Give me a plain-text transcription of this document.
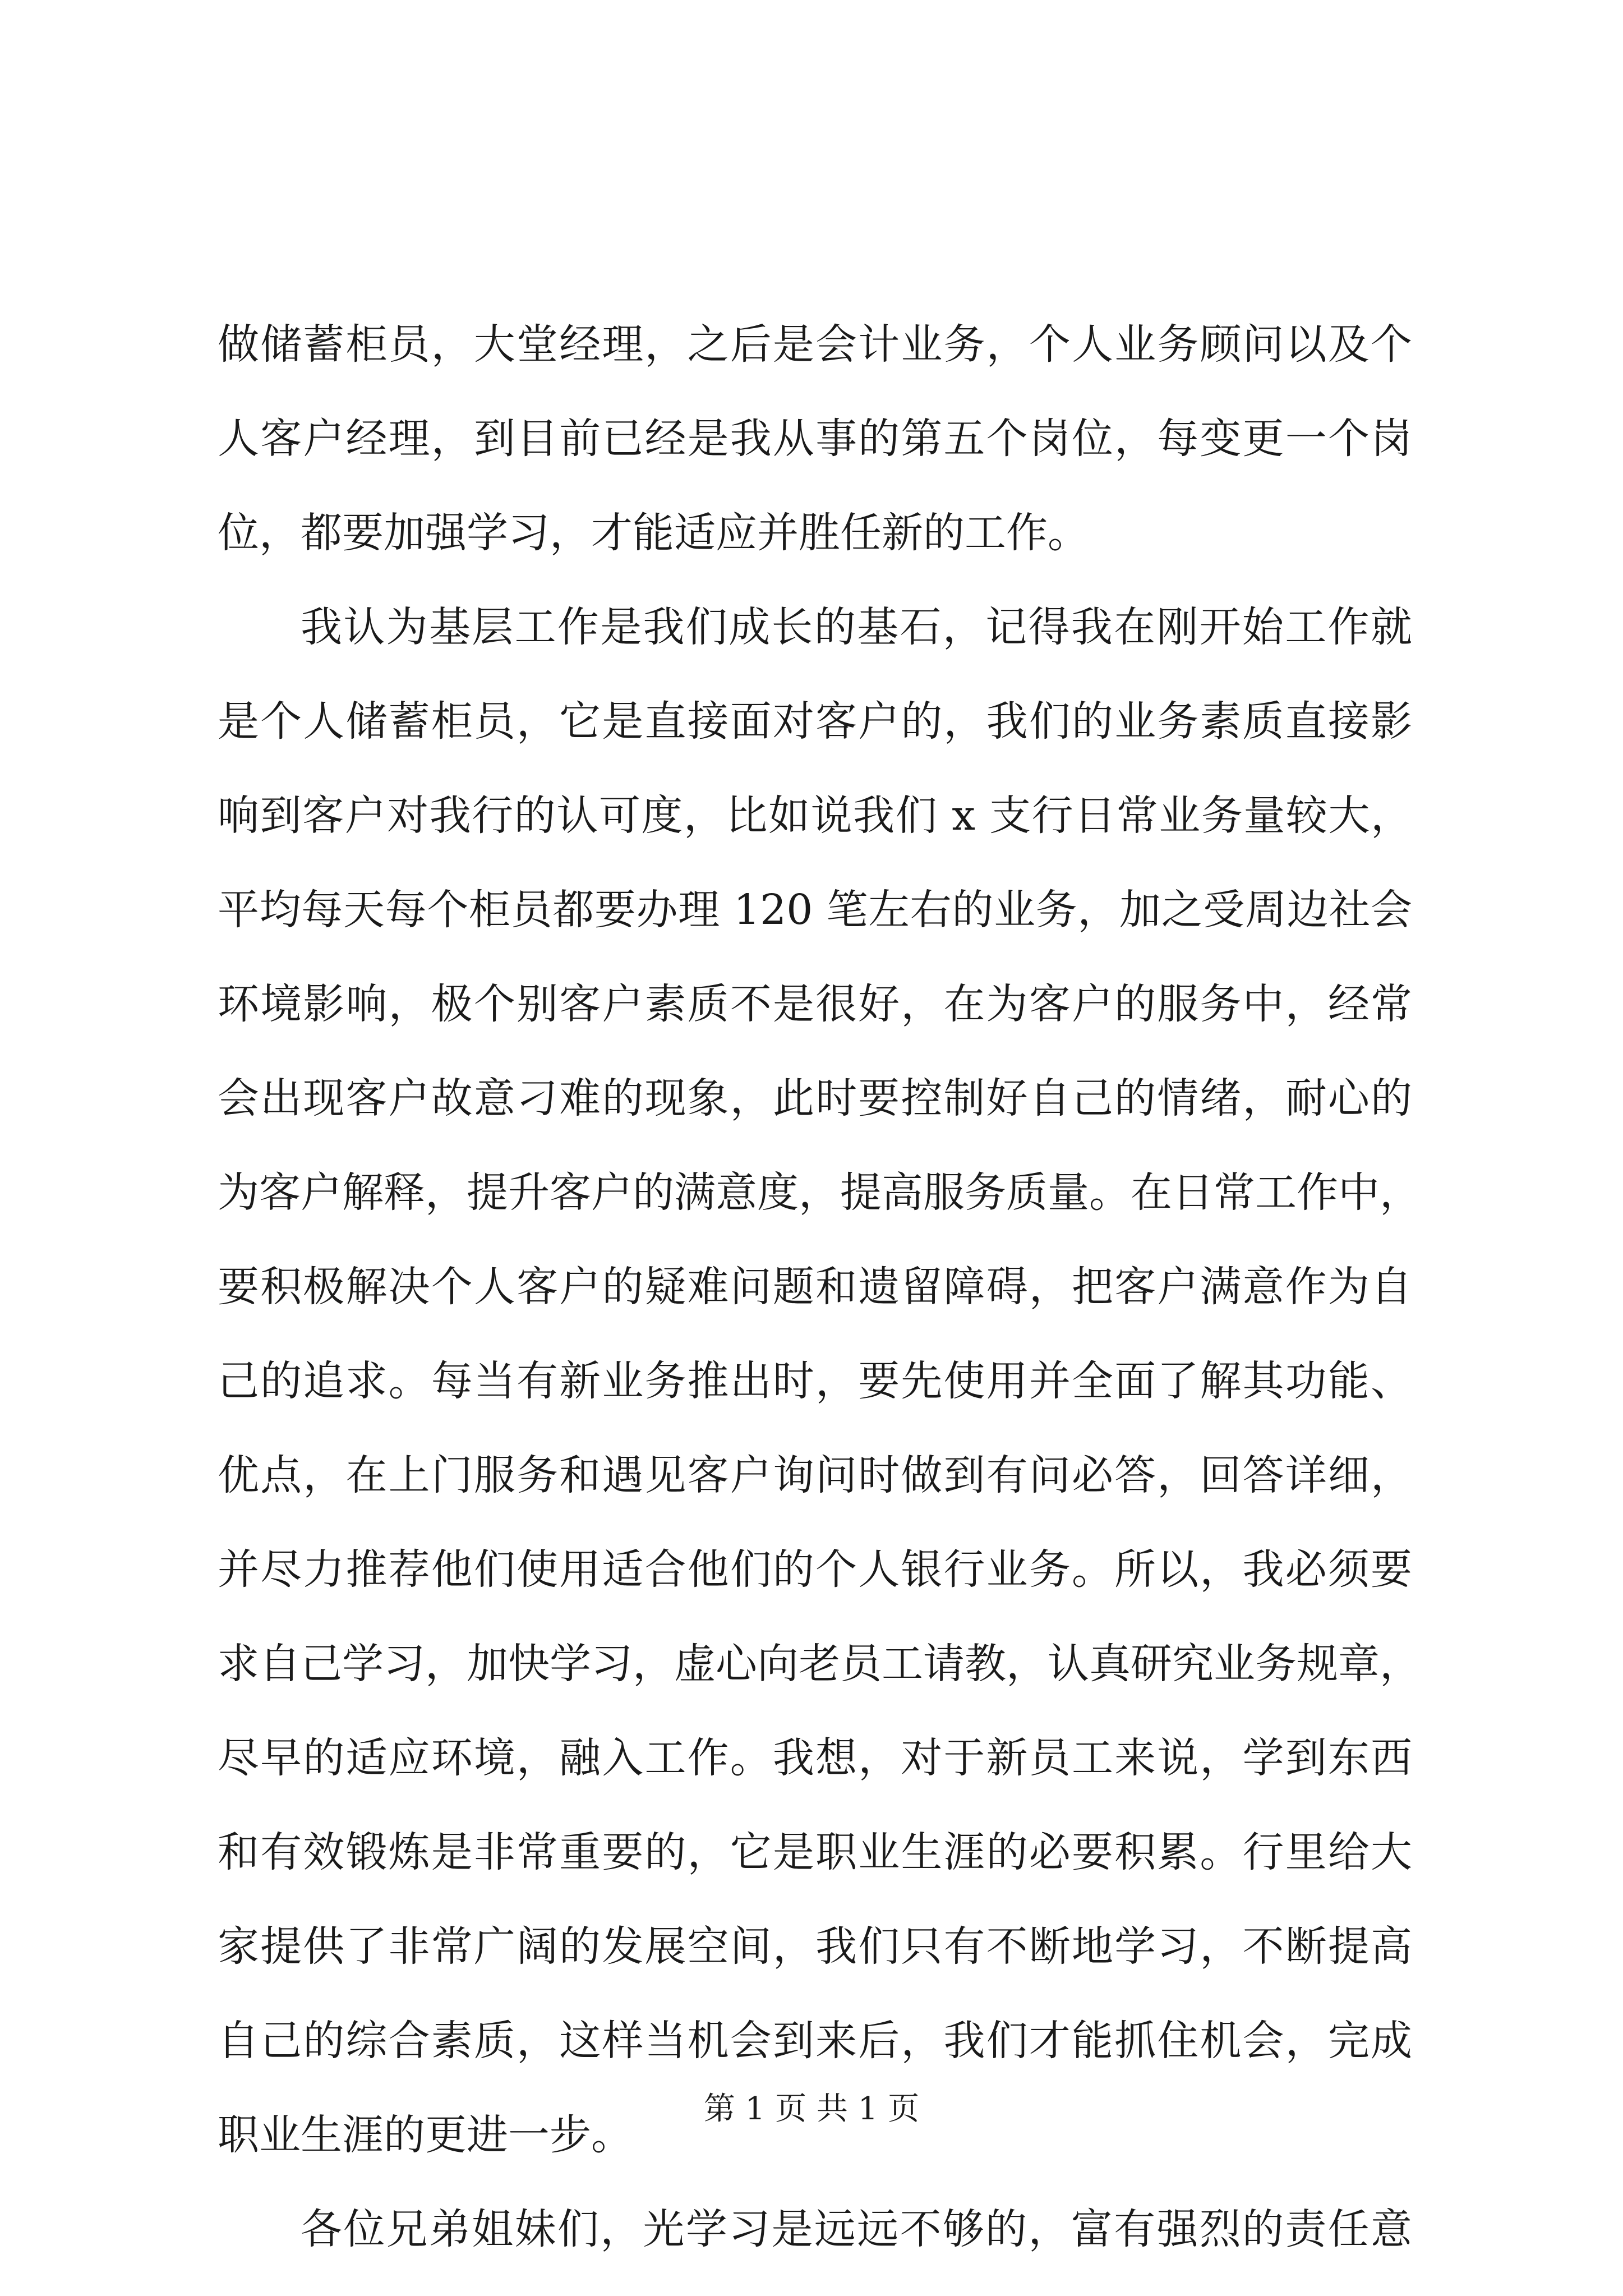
做储蓄柜员，大堂经理，之后是会计业务，个人业务顾问以及个
人客户经理，到目前已经是我从事的第五个岗位，每变更一个岗
位，都要加强学习，才能适应并胜任新的工作。
我认为基层工作是我们成长的基石，记得我在刚开始工作就
是个人储蓄柜员，它是直接面对客户的，我们的业务素质直接影
响到客户对我行的认可度，比如说我们 x 支行日常业务量较大，
平均每天每个柜员都要办理 120 笔左右的业务，加之受周边社会
环境影响，极个别客户素质不是很好，在为客户的服务中，经常
会出现客户故意刁难的现象，此时要控制好自己的情绪，耐心的
为客户解释，提升客户的满意度，提高服务质量。在日常工作中，
要积极解决个人客户的疑难问题和遗留障碍，把客户满意作为自
己的追求。每当有新业务推出时，要先使用并全面了解其功能、
优点，在上门服务和遇见客户询问时做到有问必答，回答详细，
并尽力推荐他们使用适合他们的个人银行业务。所以，我必须要
求自己学习，加快学习，虚心向老员工请教，认真研究业务规章，
尽早的适应环境，融入工作。我想，对于新员工来说，学到东西
和有效锻炼是非常重要的，它是职业生涯的必要积累。行里给大
家提供了非常广阔的发展空间，我们只有不断地学习，不断提高
自己的综合素质，这样当机会到来后，我们才能抓住机会，完成
职业生涯的更进一步。
各位兄弟姐妹们，光学习是远远不够的，富有强烈的责任意
第 1 页 共 1 页
